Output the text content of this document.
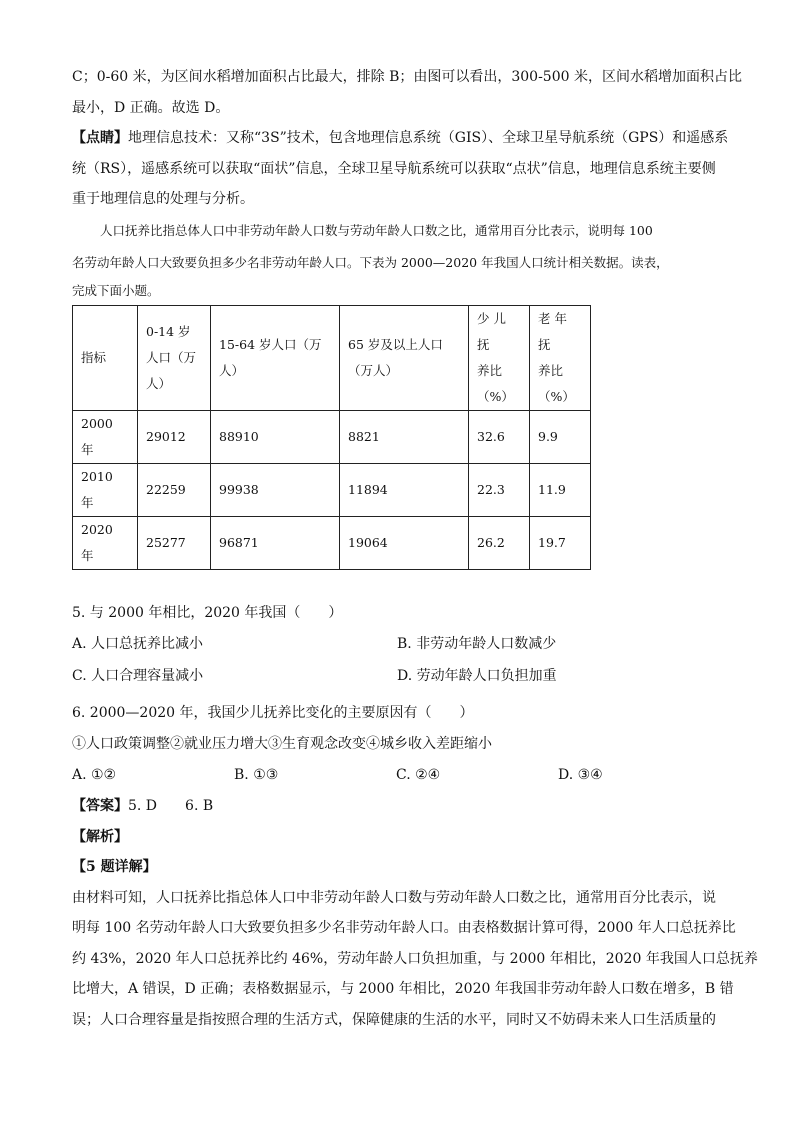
C；0-60 米，为区间水稻增加面积占比最大，排除 B；由图可以看出，300-500 米，区间水稻增加面积占比

最小，D 正确。故选 D。

【点睛】地理信息技术：又称“3S”技术，包含地理信息系统（GIS）、全球卫星导航系统（GPS）和遥感系

统（RS），遥感系统可以获取“面状”信息，全球卫星导航系统可以获取“点状”信息，地理信息系统主要侧

重于地理信息的处理与分析。

人口抚养比指总体人口中非劳动年龄人口数与劳动年龄人口数之比，通常用百分比表示，说明每 100

名劳动年龄人口大致要负担多少名非劳动年龄人口。下表为 2000—2020 年我国人口统计相关数据。读表，

完成下面小题。

指标	0-14 岁
人口（万
人）	15-64 岁人口（万
人）	65 岁及以上人口
（万人）	少 儿 抚
养比
（%）	老 年 抚
养比
（%）
2000 年	29012	88910	8821	32.6	9.9
2010 年	22259	99938	11894	22.3	11.9
2020 年	25277	96871	19064	26.2	19.7

5. 与 2000 年相比，2020 年我国（　　）

A. 人口总抚养比减小	B. 非劳动年龄人口数减少
C. 人口合理容量减小	D. 劳动年龄人口负担加重

6. 2000—2020 年，我国少儿抚养比变化的主要原因有（　　）

①人口政策调整②就业压力增大③生育观念改变④城乡收入差距缩小

A. ①②	B. ①③	C. ②④	D. ③④

【答案】5. D　　6. B

【解析】

【5 题详解】

由材料可知，人口抚养比指总体人口中非劳动年龄人口数与劳动年龄人口数之比，通常用百分比表示，说

明每 100 名劳动年龄人口大致要负担多少名非劳动年龄人口。由表格数据计算可得，2000 年人口总抚养比

约 43%，2020 年人口总抚养比约 46%，劳动年龄人口负担加重，与 2000 年相比，2020 年我国人口总抚养

比增大，A 错误，D 正确；表格数据显示，与 2000 年相比，2020 年我国非劳动年龄人口数在增多，B 错

误；人口合理容量是指按照合理的生活方式，保障健康的生活的水平，同时又不妨碍未来人口生活质量的
